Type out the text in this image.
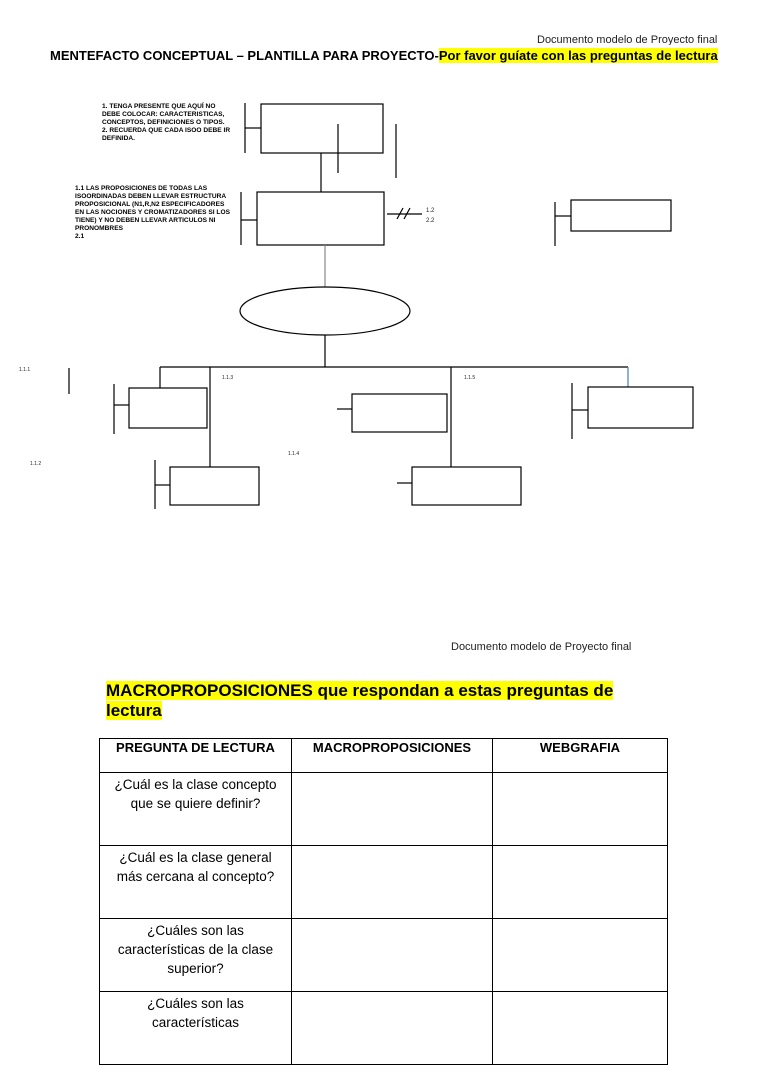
Documento modelo de Proyecto final
MENTEFACTO CONCEPTUAL – PLANTILLA PARA PROYECTO-Por favor guíate con las preguntas de lectura
1. TENGA PRESENTE QUE AQUÍ NO DEBE COLOCAR: CARACTERISTICAS, CONCEPTOS, DEFINICIONES O TIPOS.
2. RECUERDA QUE CADA ISOO DEBE IR DEFINIDA.
1.1 LAS PROPOSICIONES DE TODAS LAS ISOORDINADAS DEBEN LLEVAR ESTRUCTURA PROPOSICIONAL (N1,R,N2 ESPECIFICADORES EN LAS NOCIONES Y CROMATIZADORES SI LOS TIENE) Y NO DEBEN LLEVAR ARTICULOS NI PRONOMBRES
2.1
1.2
2.2
1.1.1
1.1.2
1.1.3
1.1.4
1.1.5
Documento modelo de Proyecto final
MACROPROPOSICIONES que respondan a estas preguntas de lectura
PREGUNTA DE LECTURA	MACROPROPOSICIONES	WEBGRAFIA
¿Cuál es la clase concepto que se quiere definir?		
¿Cuál es la clase general más cercana al concepto?		
¿Cuáles son las características de la clase superior?		
¿Cuáles son las características		
